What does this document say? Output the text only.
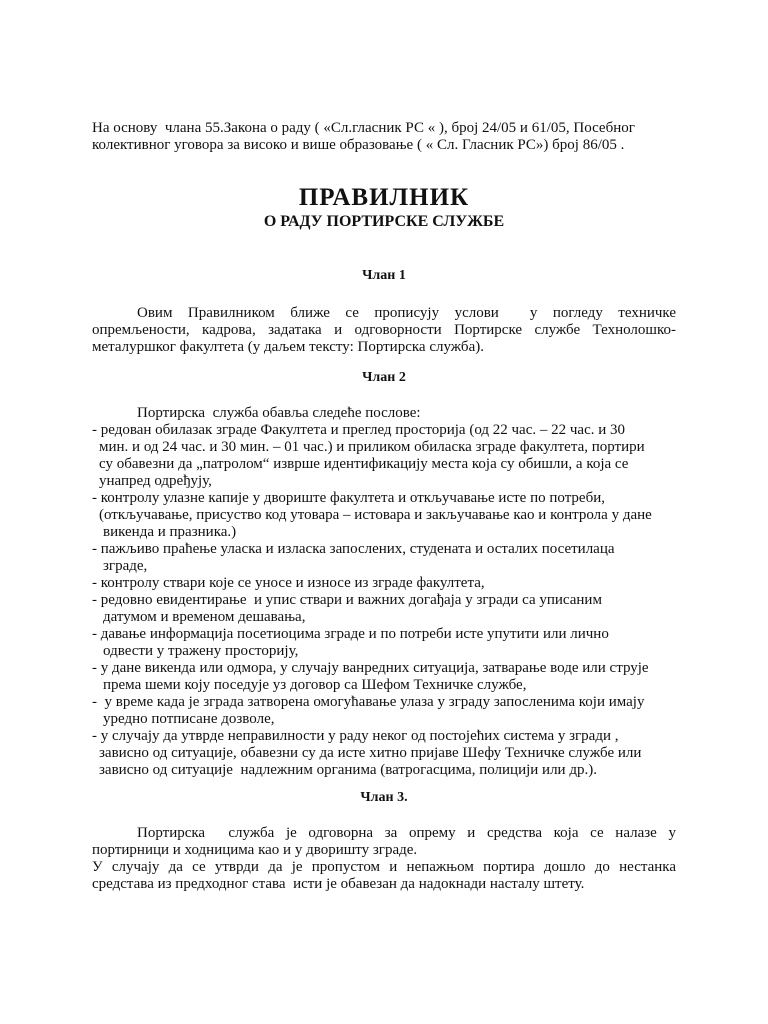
На основу  члана 55.Закона о раду ( «Сл.гласник РС « ), број 24/05 и 61/05, Посебног
колективног уговора за високо и више образовање ( « Сл. Гласник РС») број 86/05 .
ПРАВИЛНИК
О РАДУ ПОРТИРСКЕ СЛУЖБЕ
Члан 1
Овим Правилником ближе се прописују услови  у погледу техничке
опремљености, кадрова, задатака и одговорности Портирске службе Технолошко-
металуршког факултета (у даљем тексту: Портирска служба).
Члан 2
Портирска  служба обавља следеће послове:
- редован обилазак зграде Факултета и преглед просторија (од 22 час. – 22 час. и 30
мин. и од 24 час. и 30 мин. – 01 час.) и приликом обиласка зграде факултета, портири
су обавезни да „патролом“ изврше идентификацију места која су обишли, а која се
унапред одређују,
- контролу улазне капије у двориште факултета и откључавање исте по потреби,
(откључавање, присуство код утовара – истовара и закључавање као и контрола у дане
викенда и празника.)
- пажљиво праћење уласка и изласка запослених, студената и осталих посетилаца
зграде,
- контролу ствари које се уносе и износе из зграде факултета,
- редовно евидентирање  и упис ствари и важних догађаја у згради са уписаним
датумом и временом дешавања,
- давање информација посетиоцима зграде и по потреби исте упутити или лично
одвести у тражену просторију,
- у дане викенда или одмора, у случају ванредних ситуација, затварање воде или струје
према шеми коју поседује уз договор са Шефом Техничке службе,
-  у време када је зграда затворена омогућавање улаза у зграду запосленима који имају
уредно потписане дозволе,
- у случају да утврде неправилности у раду неког од постојећих система у згради ,
зависно од ситуације, обавезни су да исте хитно пријаве Шефу Техничке службе или
зависно од ситуације  надлежним органима (ватрогасцима, полицији или др.).
Члан 3.
Портирска  служба је одговорна за опрему и средства која се налазе у
портирници и ходницима као и у дворишту зграде.
У случају да се утврди да је пропустом и непажњом портира дошло до нестанка
средстава из предходног става  исти је обавезан да надокнади насталу штету.
